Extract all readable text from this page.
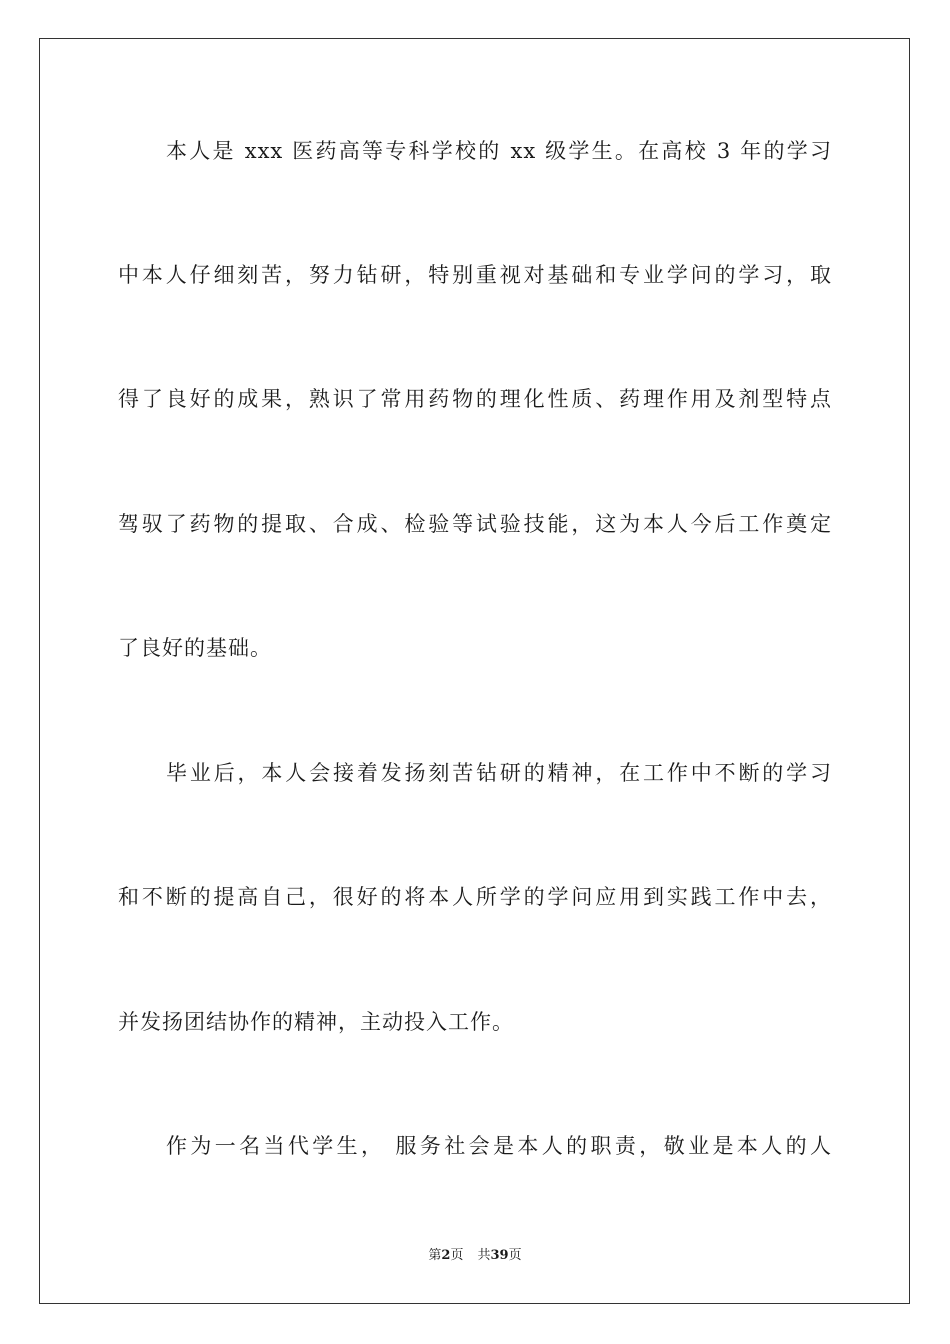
本人是 xxx 医药高等专科学校的 xx 级学生。在高校 3 年的学习

中本人仔细刻苦，努力钻研，特别重视对基础和专业学问的学习，取

得了良好的成果，熟识了常用药物的理化性质、药理作用及剂型特点

驾驭了药物的提取、合成、检验等试验技能，这为本人今后工作奠定

了良好的基础。

毕业后，本人会接着发扬刻苦钻研的精神，在工作中不断的学习

和不断的提高自己，很好的将本人所学的学问应用到实践工作中去，

并发扬团结协作的精神，主动投入工作。

作为一名当代学生， 服务社会是本人的职责，敬业是本人的人

第2页 共39页
